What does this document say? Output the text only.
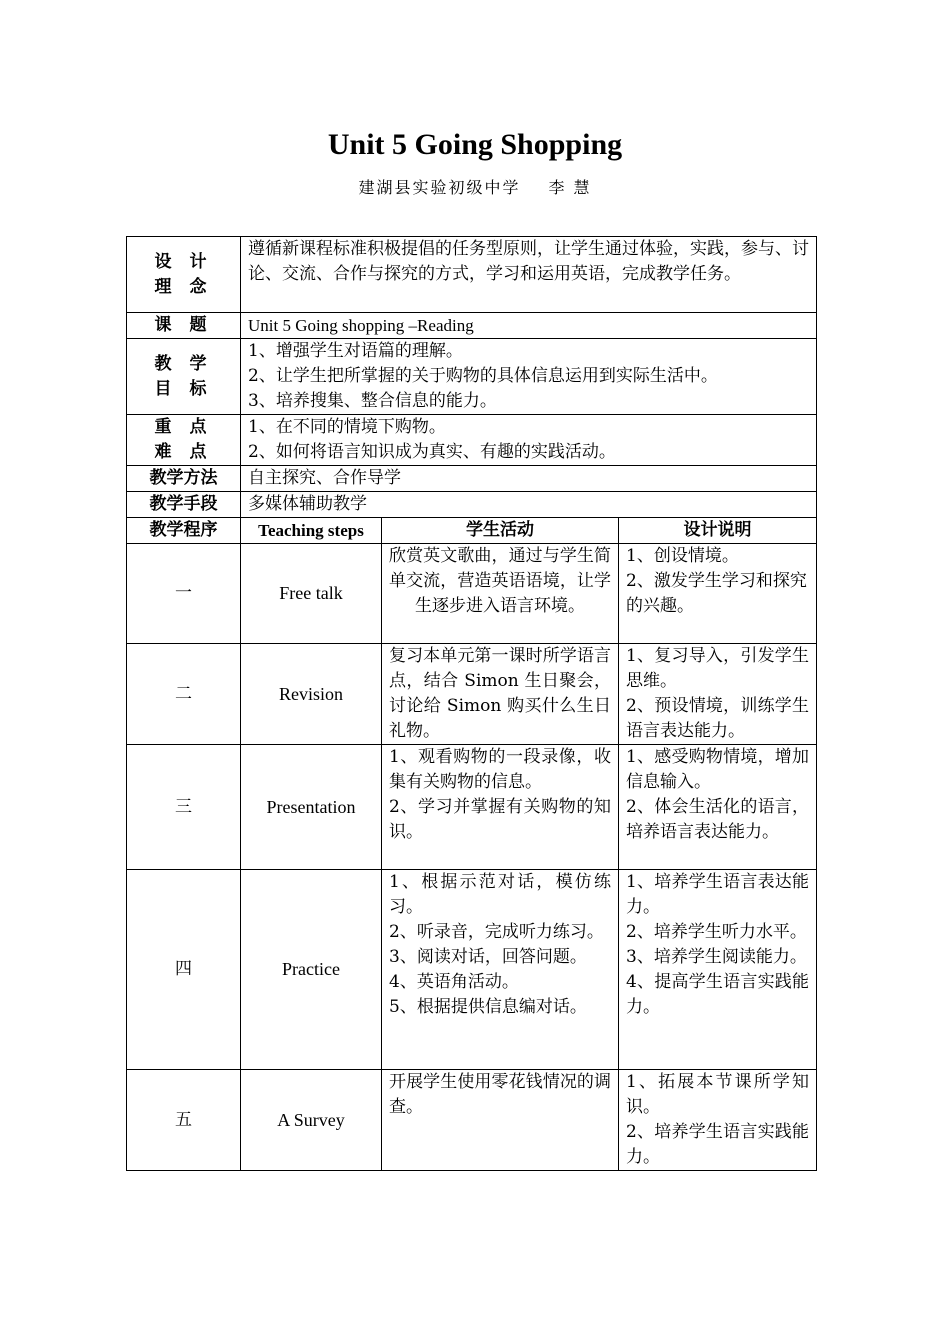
Unit 5 Going Shopping
建湖县实验初级中学 李 慧
设 计
理 念	遵循新课程标准积极提倡的任务型原则，让学生通过体验，实践，参与、讨论、交流、合作与探究的方式，学习和运用英语，完成教学任务。		

课 题	Unit 5 Going shopping –Reading		

教 学
目 标	1、增强学生对语篇的理解。
2、让学生把所掌握的关于购物的具体信息运用到实际生活中。
3、培养搜集、整合信息的能力。		

重 点
难 点	1、在不同的情境下购物。
2、如何将语言知识成为真实、有趣的实践活动。		

教学方法	自主探究、合作导学		
教学手段	多媒体辅助教学		
教学程序	Teaching steps	学生活动	设计说明
一	Free talk	欣赏英文歌曲，通过与学生简单交流，营造英语语境，让学生逐步进入语言环境。	1、创设情境。
2、激发学生学习和探究的兴趣。

二	Revision	复习本单元第一课时所学语言点，结合 Simon 生日聚会，讨论给 Simon 购买什么生日礼物。	1、复习导入，引发学生思维。
2、预设情境，训练学生语言表达能力。

三	Presentation	1、观看购物的一段录像，收集有关购物的信息。
2、学习并掌握有关购物的知识。	1、感受购物情境，增加信息输入。
2、体会生活化的语言，培养语言表达能力。

四	Practice	1、根据示范对话，模仿练习。
2、听录音，完成听力练习。
3、阅读对话，回答问题。
4、英语角活动。
5、根据提供信息编对话。	1、培养学生语言表达能力。
2、培养学生听力水平。
3、培养学生阅读能力。
4、提高学生语言实践能力。

五	A Survey	开展学生使用零花钱情况的调查。	1、拓展本节课所学知识。
2、培养学生语言实践能力。
